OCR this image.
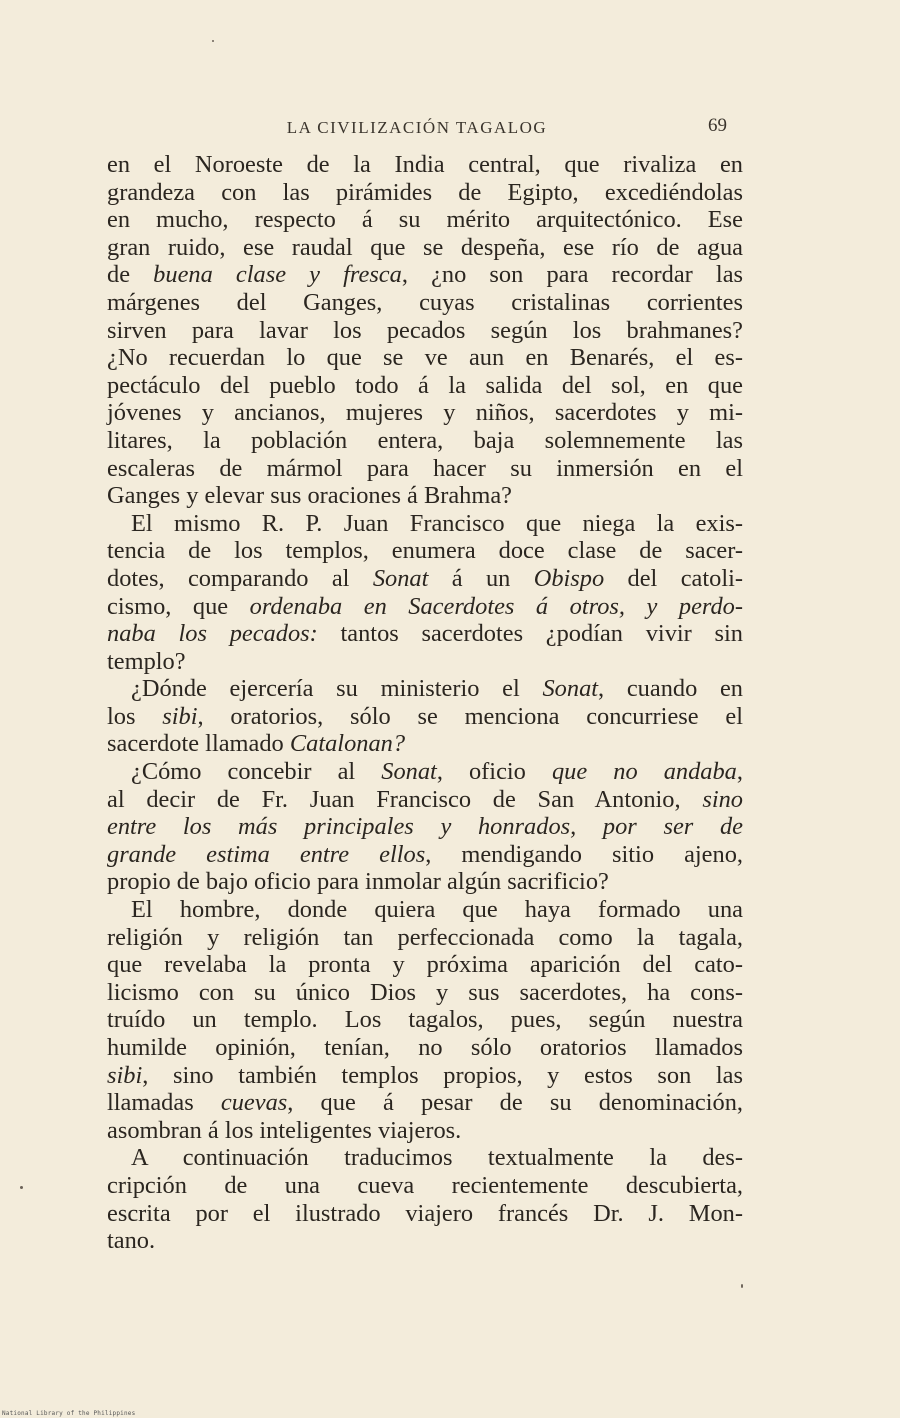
LA CIVILIZACIÓN TAGALOG	69
en el Noroeste de la India central, que rivaliza en
grandeza con las pirámides de Egipto, excediéndolas
en mucho, respecto á su mérito arquitectónico. Ese
gran ruido, ese raudal que se despeña, ese río de agua
de buena clase y fresca, ¿no son para recordar las
márgenes del Ganges, cuyas cristalinas corrientes
sirven para lavar los pecados según los brahmanes?
¿No recuerdan lo que se ve aun en Benarés, el es-
pectáculo del pueblo todo á la salida del sol, en que
jóvenes y ancianos, mujeres y niños, sacerdotes y mi-
litares, la población entera, baja solemnemente las
escaleras de mármol para hacer su inmersión en el
Ganges y elevar sus oraciones á Brahma?
El mismo R. P. Juan Francisco que niega la exis-
tencia de los templos, enumera doce clase de sacer-
dotes, comparando al Sonat á un Obispo del catoli-
cismo, que ordenaba en Sacerdotes á otros, y perdo-
naba los pecados: tantos sacerdotes ¿podían vivir sin
templo?
¿Dónde ejercería su ministerio el Sonat, cuando en
los sibi, oratorios, sólo se menciona concurriese el
sacerdote llamado Catalonan?
¿Cómo concebir al Sonat, oficio que no andaba,
al decir de Fr. Juan Francisco de San Antonio, sino
entre los más principales y honrados, por ser de
grande estima entre ellos, mendigando sitio ajeno,
propio de bajo oficio para inmolar algún sacrificio?
El hombre, donde quiera que haya formado una
religión y religión tan perfeccionada como la tagala,
que revelaba la pronta y próxima aparición del cato-
licismo con su único Dios y sus sacerdotes, ha cons-
truído un templo. Los tagalos, pues, según nuestra
humilde opinión, tenían, no sólo oratorios llamados
sibi, sino también templos propios, y estos son las
llamadas cuevas, que á pesar de su denominación,
asombran á los inteligentes viajeros.
A continuación traducimos textualmente la des-
cripción de una cueva recientemente descubierta,
escrita por el ilustrado viajero francés Dr. J. Mon-
tano.
National Library of the Philippines
